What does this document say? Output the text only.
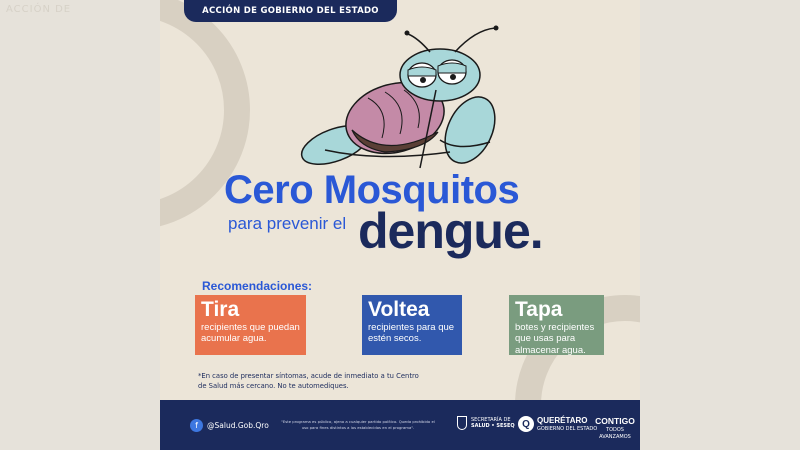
ACCIÓN DE	ACCIÓN DE GOBIERNO DEL ESTADO
Cero Mosquitos
para prevenir el dengue.
Recomendaciones:
Tira
recipientes que puedan acumular agua.
Voltea
recipientes para que estén secos.
Tapa
botes y recipientes que usas para almacenar agua.
*En caso de presentar síntomas, acude de inmediato a tu Centro de Salud más cercano. No te automediques.
f	@Salud.Gob.Qro	"Este programa es público, ajeno a cualquier partido político. Queda prohibido el uso para fines distintos a los establecidos en el programa".
SECRETARÍA DE
SALUD • SESEQ Q QUERÉTARO
GOBIERNO DEL ESTADO
CONTIGO
TODOS AVANZAMOS
